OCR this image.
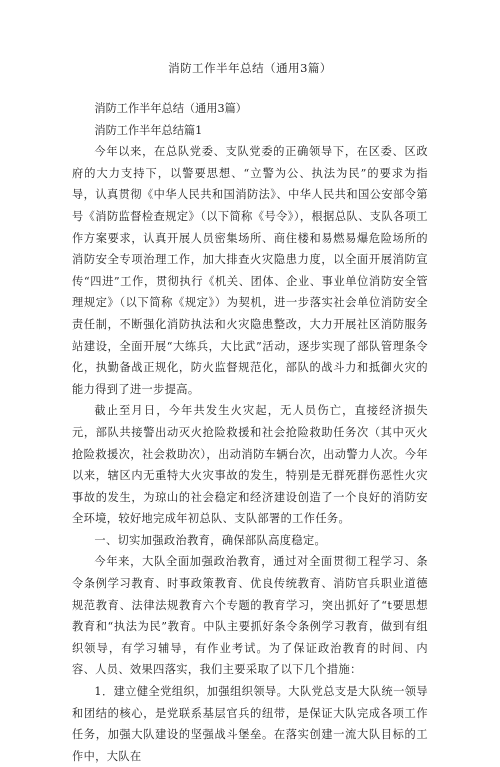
消防工作半年总结（通用3篇）
消防工作半年总结（通用3篇）
消防工作半年总结篇1

今年以来，在总队党委、支队党委的正确领导下，在区委、区政府的大力支持下，以警要思想、“立警为公、执法为民”的要求为指导，认真贯彻《中华人民共和国消防法》、中华人民共和国公安部令第号《消防监督检查规定》（以下简称《号令》），根据总队、支队各项工作方案要求，认真开展人员密集场所、商住楼和易燃易爆危险场所的消防安全专项治理工作，加大排查火灾隐患力度，以全面开展消防宣传“四进”工作，贯彻执行《机关、团体、企业、事业单位消防安全管理规定》（以下简称《规定》）为契机，进一步落实社会单位消防安全责任制，不断强化消防执法和火灾隐患整改，大力开展社区消防服务站建设，全面开展“大练兵，大比武”活动，逐步实现了部队管理条令化，执勤备战正规化，防火监督规范化，部队的战斗力和抵御火灾的能力得到了进一步提高。

截止至月日，今年共发生火灾起，无人员伤亡，直接经济损失元，部队共接警出动灭火抢险救援和社会抢险救助任务次（其中灭火抢险救援次，社会救助次），出动消防车辆台次，出动警力人次。今年以来，辖区内无重特大火灾事故的发生，特别是无群死群伤恶性火灾事故的发生，为琼山的社会稳定和经济建设创造了一个良好的消防安全环境，较好地完成年初总队、支队部署的工作任务。

一、切实加强政治教育，确保部队高度稳定。

今年来，大队全面加强政治教育，通过对全面贯彻工程学习、条令条例学习教育、时事政策教育、优良传统教育、消防官兵职业道德规范教育、法律法规教育六个专题的教育学习，突出抓好了“t要思想教育和“执法为民”教育。中队主要抓好条令条例学习教育，做到有组织领导，有学习辅导，有作业考试。为了保证政治教育的时间、内容、人员、效果四落实，我们主要采取了以下几个措施：

1．建立健全党组织，加强组织领导。大队党总支是大队统一领导和团结的核心，是党联系基层官兵的纽带，是保证大队完成各项工作任务，加强大队建设的坚强战斗堡垒。在落实创建一流大队目标的工作中，大队在
